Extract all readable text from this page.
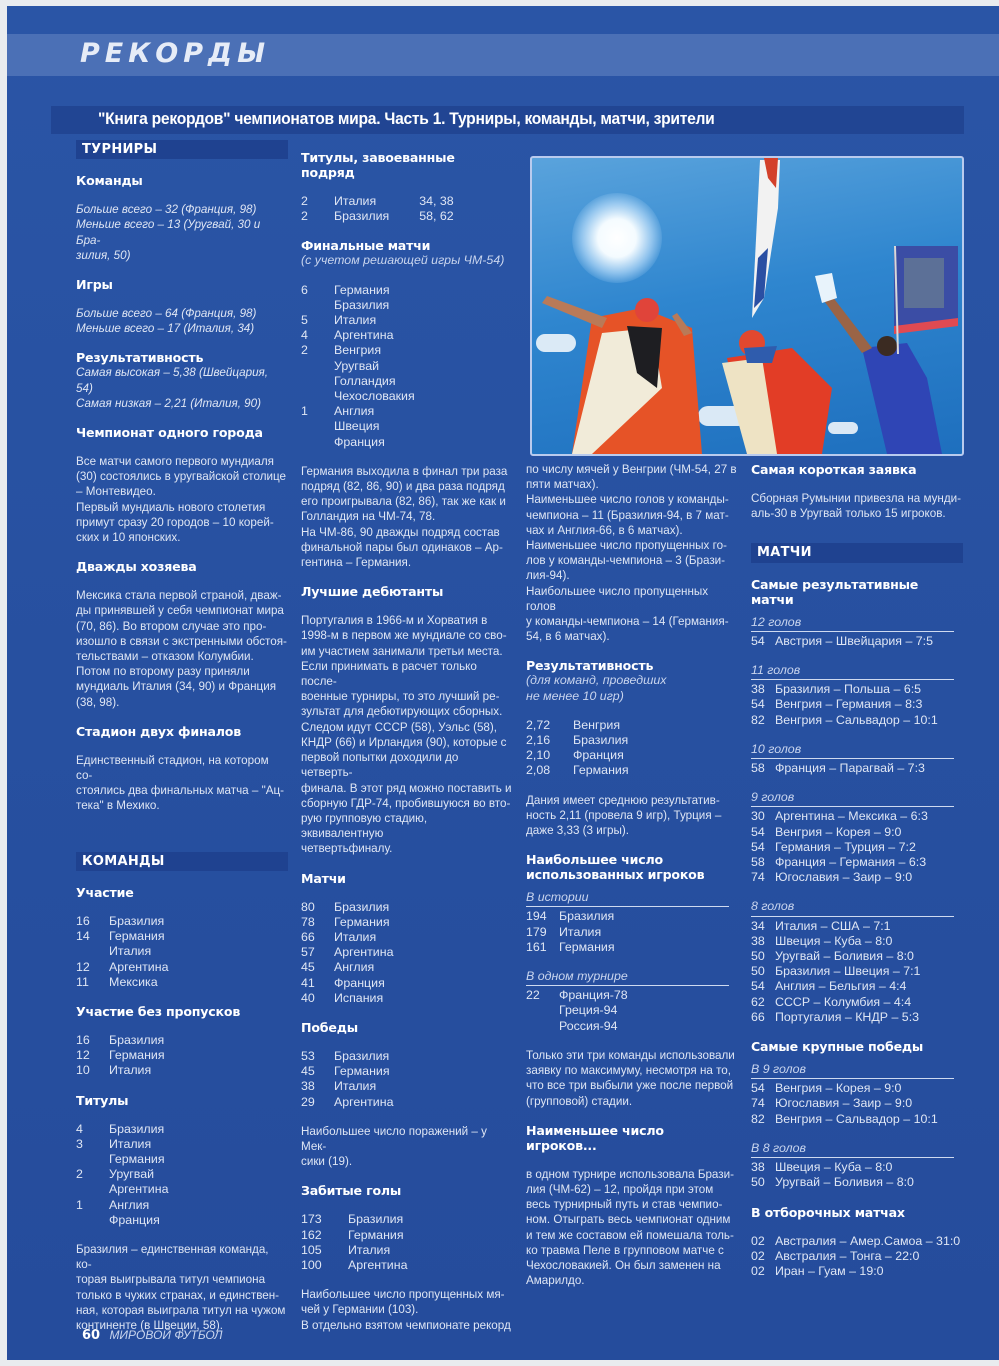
РЕКОРДЫ
"Книга рекордов" чемпионатов мира. Часть 1. Турниры, команды, матчи, зрители
ТУРНИРЫ
Команды
Больше всего – 32 (Франция, 98)
Меньше всего – 13 (Уругвай, 30 и Бра-
зилия, 50)
Игры
Больше всего – 64 (Франция, 98)
Меньше всего – 17 (Италия, 34)
Результативность
Самая высокая – 5,38 (Швейцария, 54)
Самая низкая – 2,21 (Италия, 90)
Чемпионат одного города
Все матчи самого первого мундиаля
(30) состоялись в уругвайской столице
– Монтевидео.
Первый мундиаль нового столетия
примут сразу 20 городов – 10 корей-
ских и 10 японских.
Дважды хозяева
Мексика стала первой страной, дваж-
ды принявшей у себя чемпионат мира
(70, 86). Во втором случае это про-
изошло в связи с экстренными обстоя-
тельствами – отказом Колумбии.
Потом по второму разу приняли
мундиаль Италия (34, 90) и Франция
(38, 98).
Стадион двух финалов
Единственный стадион, на котором со-
стоялись два финальных матча – "Ац-
тека" в Мехико.
КОМАНДЫ
Участие
16	Бразилия
14	Германия
	Италия
12	Аргентина
11	Мексика
Участие без пропусков
16	Бразилия
12	Германия
10	Италия
Титулы
4	Бразилия
3	Италия
	Германия
2	Уругвай
	Аргентина
1	Англия
	Франция
Бразилия – единственная команда, ко-
торая выигрывала титул чемпиона
только в чужих странах, и единствен-
ная, которая выиграла титул на чужом
континенте (в Швеции, 58).
Титулы, завоеванные
подряд
2	Италия	34, 38
2	Бразилия	58, 62
Финальные матчи
(с учетом решающей игры ЧМ-54)
6	Германия
	Бразилия
5	Италия
4	Аргентина
2	Венгрия
	Уругвай
	Голландия
	Чехословакия
1	Англия
	Швеция
	Франция
Германия выходила в финал три раза
подряд (82, 86, 90) и два раза подряд
его проигрывала (82, 86), так же как и
Голландия на ЧМ-74, 78.
На ЧМ-86, 90 дважды подряд состав
финальной пары был одинаков – Ар-
гентина – Германия.
Лучшие дебютанты
Португалия в 1966-м и Хорватия в
1998-м в первом же мундиале со сво-
им участием занимали третьи места.
Если принимать в расчет только после-
военные турниры, то это лучший ре-
зультат для дебютирующих сборных.
Следом идут СССР (58), Уэльс (58),
КНДР (66) и Ирландия (90), которые с
первой попытки доходили до четверть-
финала. В этот ряд можно поставить и
сборную ГДР-74, пробившуюся во вто-
рую групповую стадию, эквивалентную
четвертьфиналу.
Матчи
80	Бразилия
78	Германия
66	Италия
57	Аргентина
45	Англия
41	Франция
40	Испания
Победы
53	Бразилия
45	Германия
38	Италия
29	Аргентина
Наибольшее число поражений – у Мек-
сики (19).
Забитые голы
173	Бразилия
162	Германия
105	Италия
100	Аргентина
Наибольшее число пропущенных мя-
чей у Германии (103).
В отдельно взятом чемпионате рекорд
по числу мячей у Венгрии (ЧМ-54, 27 в
пяти матчах).
Наименьшее число голов у команды-
чемпиона – 11 (Бразилия-94, в 7 мат-
чах и Англия-66, в 6 матчах).
Наименьшее число пропущенных го-
лов у команды-чемпиона – 3 (Брази-
лия-94).
Наибольшее число пропущенных голов
у команды-чемпиона – 14 (Германия-
54, в 6 матчах).
Результативность
(для команд, проведших
не менее 10 игр)
2,72	Венгрия
2,16	Бразилия
2,10	Франция
2,08	Германия
Дания имеет среднюю результатив-
ность 2,11 (провела 9 игр), Турция –
даже 3,33 (3 игры).
Наибольшее число
использованных игроков
В истории
194	Бразилия
179	Италия
161	Германия
В одном турнире
22	Франция-78
	Греция-94
	Россия-94
Только эти три команды использовали
заявку по максимуму, несмотря на то,
что все три выбыли уже после первой
(групповой) стадии.
Наименьшее число
игроков...
в одном турнире использовала Брази-
лия (ЧМ-62) – 12, пройдя при этом
весь турнирный путь и став чемпио-
ном. Отыграть весь чемпионат одним
и тем же составом ей помешала толь-
ко травма Пеле в групповом матче с
Чехословакией. Он был заменен на
Амарилдо.
Самая короткая заявка
Сборная Румынии привезла на мунди-
аль-30 в Уругвай только 15 игроков.
МАТЧИ
Самые результативные
матчи
12 голов
54 Австрия – Швейцария – 7:5
11 голов
38 Бразилия – Польша – 6:5
54 Венгрия – Германия – 8:3
82 Венгрия – Сальвадор – 10:1
10 голов
58 Франция – Парагвай – 7:3
9 голов
30 Аргентина – Мексика – 6:3
54 Венгрия – Корея – 9:0
54 Германия – Турция – 7:2
58 Франция – Германия – 6:3
74 Югославия – Заир – 9:0
8 голов
34 Италия – США – 7:1
38 Швеция – Куба – 8:0
50 Уругвай – Боливия – 8:0
50 Бразилия – Швеция – 7:1
54 Англия – Бельгия – 4:4
62 СССР – Колумбия – 4:4
66 Португалия – КНДР – 5:3
Самые крупные победы
В 9 голов
54 Венгрия – Корея – 9:0
74 Югославия – Заир – 9:0
82 Венгрия – Сальвадор – 10:1
В 8 голов
38 Швеция – Куба – 8:0
50 Уругвай – Боливия – 8:0
В отборочных матчах
02 Австралия – Амер.Самоа – 31:0
02 Австралия – Тонга – 22:0
02 Иран – Гуам – 19:0
60 МИРОВОЙ ФУТБОЛ
